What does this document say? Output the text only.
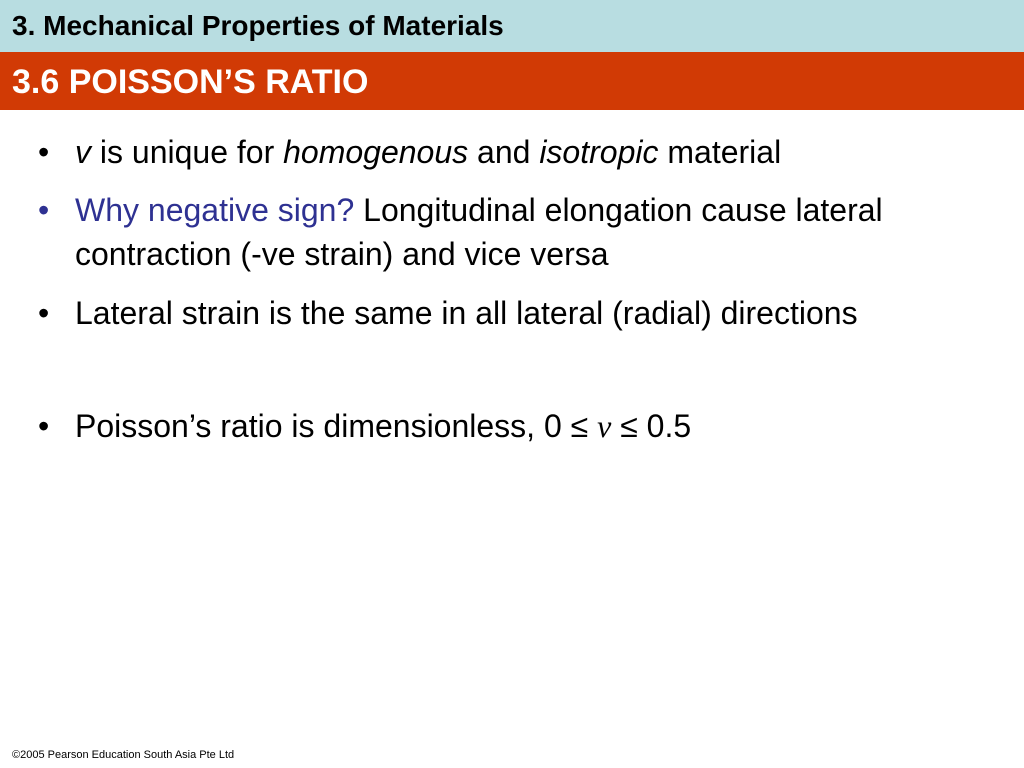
3. Mechanical Properties of Materials
3.6 POISSON’S RATIO
• v is unique for homogenous and isotropic material
• Why negative sign? Longitudinal elongation cause lateral contraction (-ve strain) and vice versa
• Lateral strain is the same in all lateral (radial) directions
• Poisson’s ratio is dimensionless, 0 ≤ v ≤ 0.5
©2005 Pearson Education South Asia Pte Ltd
